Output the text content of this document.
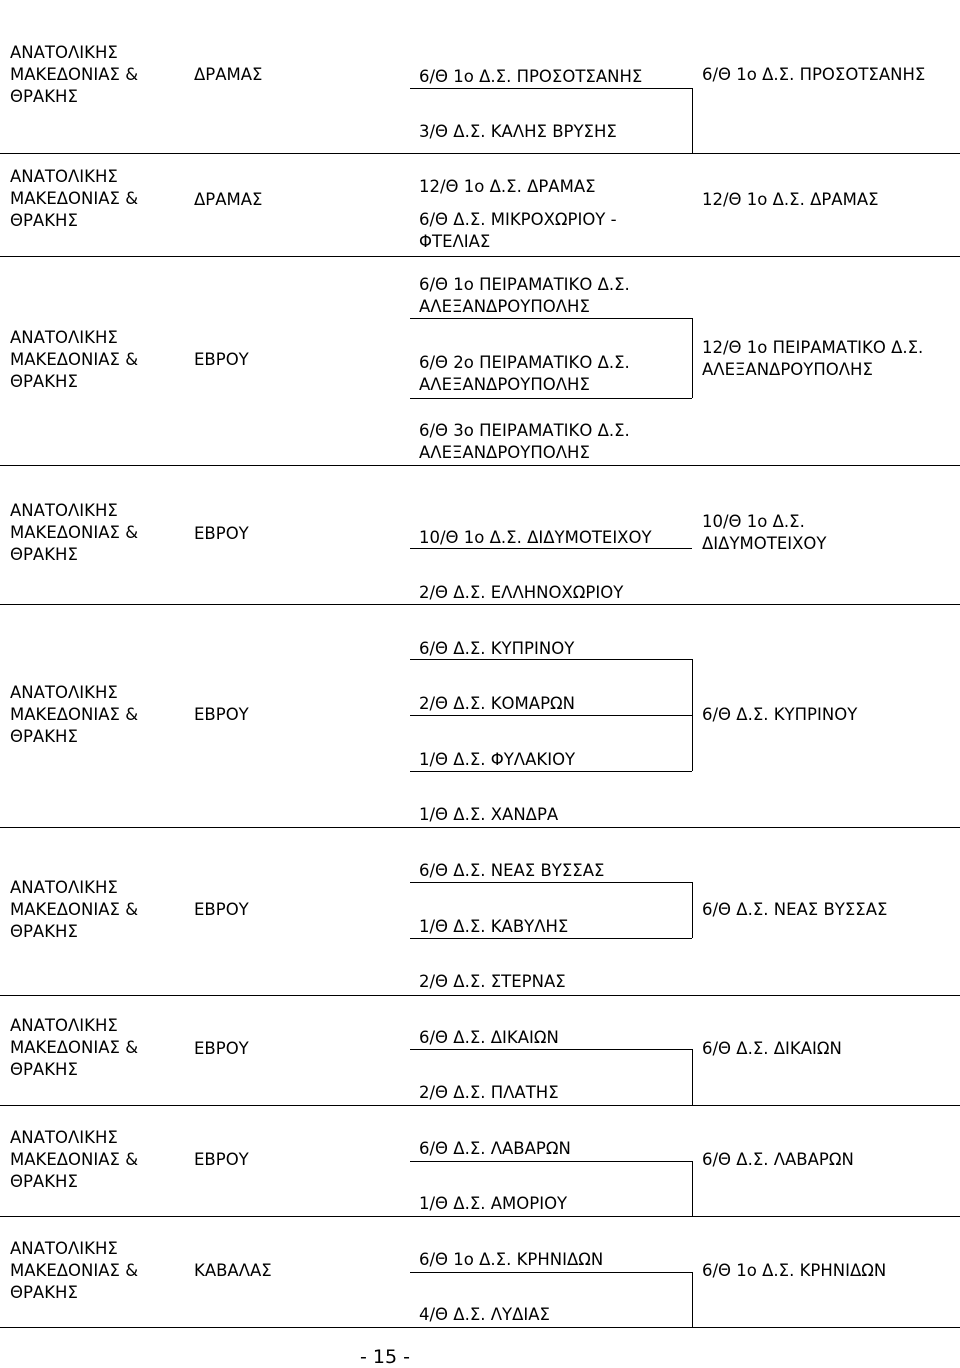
ΑΝΑΤΟΛΙΚΗΣ ΜΑΚΕΔΟΝΙΑΣ & ΘΡΑΚΗΣ
ΔΡΑΜΑΣ	6/Θ 1ο Δ.Σ. ΠΡΟΣΟΤΣΑΝΗΣ
3/Θ Δ.Σ. ΚΑΛΗΣ ΒΡΥΣΗΣ
6/Θ 1ο Δ.Σ. ΠΡΟΣΟΤΣΑΝΗΣ
ΑΝΑΤΟΛΙΚΗΣ ΜΑΚΕΔΟΝΙΑΣ & ΘΡΑΚΗΣ
ΔΡΑΜΑΣ
12/Θ 1ο Δ.Σ. ΔΡΑΜΑΣ
6/Θ Δ.Σ. ΜΙΚΡΟΧΩΡΙΟΥ - ΦΤΕΛΙΑΣ
12/Θ 1ο Δ.Σ. ΔΡΑΜΑΣ
ΑΝΑΤΟΛΙΚΗΣ ΜΑΚΕΔΟΝΙΑΣ & ΘΡΑΚΗΣ
ΕΒΡΟΥ
6/Θ 1ο ΠΕΙΡΑΜΑΤΙΚΟ Δ.Σ. ΑΛΕΞΑΝΔΡΟΥΠΟΛΗΣ
6/Θ 2ο ΠΕΙΡΑΜΑΤΙΚΟ Δ.Σ. ΑΛΕΞΑΝΔΡΟΥΠΟΛΗΣ
6/Θ 3ο ΠΕΙΡΑΜΑΤΙΚΟ Δ.Σ. ΑΛΕΞΑΝΔΡΟΥΠΟΛΗΣ
12/Θ 1ο ΠΕΙΡΑΜΑΤΙΚΟ Δ.Σ. ΑΛΕΞΑΝΔΡΟΥΠΟΛΗΣ
ΑΝΑΤΟΛΙΚΗΣ ΜΑΚΕΔΟΝΙΑΣ & ΘΡΑΚΗΣ
ΕΒΡΟΥ	10/Θ 1ο Δ.Σ. ΔΙΔΥΜΟΤΕΙΧΟΥ
2/Θ Δ.Σ. ΕΛΛΗΝΟΧΩΡΙΟΥ
10/Θ 1ο Δ.Σ. ΔΙΔΥΜΟΤΕΙΧΟΥ
ΑΝΑΤΟΛΙΚΗΣ ΜΑΚΕΔΟΝΙΑΣ & ΘΡΑΚΗΣ
ΕΒΡΟΥ
6/Θ Δ.Σ. ΚΥΠΡΙΝΟΥ
2/Θ Δ.Σ. ΚΟΜΑΡΩΝ
1/Θ Δ.Σ. ΦΥΛΑΚΙΟΥ
1/Θ Δ.Σ. ΧΑΝΔΡΑ
6/Θ Δ.Σ. ΚΥΠΡΙΝΟΥ
ΑΝΑΤΟΛΙΚΗΣ ΜΑΚΕΔΟΝΙΑΣ & ΘΡΑΚΗΣ
ΕΒΡΟΥ
6/Θ Δ.Σ. ΝΕΑΣ ΒΥΣΣΑΣ
1/Θ Δ.Σ. ΚΑΒΥΛΗΣ
2/Θ Δ.Σ. ΣΤΕΡΝΑΣ
6/Θ Δ.Σ. ΝΕΑΣ ΒΥΣΣΑΣ
ΑΝΑΤΟΛΙΚΗΣ ΜΑΚΕΔΟΝΙΑΣ & ΘΡΑΚΗΣ
ΕΒΡΟΥ
6/Θ Δ.Σ. ΔΙΚΑΙΩΝ
2/Θ Δ.Σ. ΠΛΑΤΗΣ
6/Θ Δ.Σ. ΔΙΚΑΙΩΝ
ΑΝΑΤΟΛΙΚΗΣ ΜΑΚΕΔΟΝΙΑΣ & ΘΡΑΚΗΣ
ΕΒΡΟΥ
6/Θ Δ.Σ. ΛΑΒΑΡΩΝ
1/Θ Δ.Σ. ΑΜΟΡΙΟΥ
6/Θ Δ.Σ. ΛΑΒΑΡΩΝ
ΑΝΑΤΟΛΙΚΗΣ ΜΑΚΕΔΟΝΙΑΣ & ΘΡΑΚΗΣ
ΚΑΒΑΛΑΣ
6/Θ 1ο Δ.Σ. ΚΡΗΝΙΔΩΝ
4/Θ Δ.Σ. ΛΥΔΙΑΣ
6/Θ 1ο Δ.Σ. ΚΡΗΝΙΔΩΝ
- 15 -
